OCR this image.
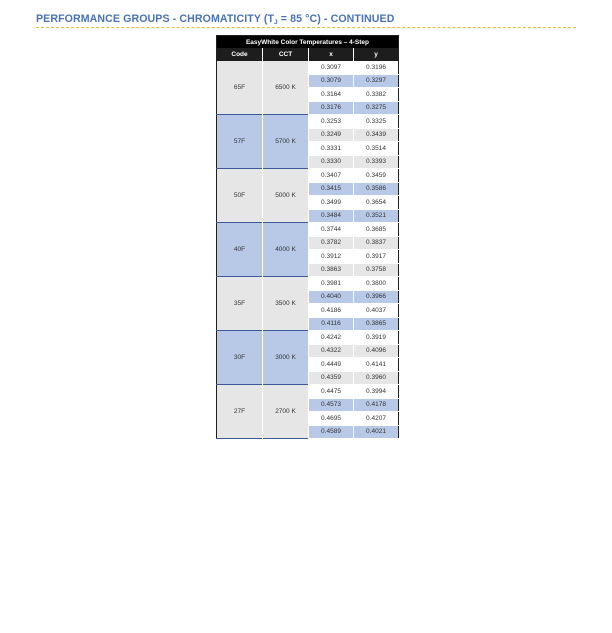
PERFORMANCE GROUPS - CHROMATICITY ($T_J = 85$ °C) - CONTINUED
EasyWhite Color Temperatures – 4-Step			
Code	CCT	x	y
65F	6500 K	0.3097	0.3196
		0.3079	0.3297
		0.3164	0.3382
		0.3176	0.3275
57F	5700 K	0.3253	0.3325
		0.3249	0.3439
		0.3331	0.3514
		0.3330	0.3393
50F	5000 K	0.3407	0.3459
		0.3415	0.3586
		0.3499	0.3654
		0.3484	0.3521
40F	4000 K	0.3744	0.3685
		0.3782	0.3837
		0.3912	0.3917
		0.3863	0.3758
35F	3500 K	0.3981	0.3800
		0.4040	0.3966
		0.4186	0.4037
		0.4116	0.3865
30F	3000 K	0.4242	0.3919
		0.4322	0.4096
		0.4449	0.4141
		0.4359	0.3960
27F	2700 K	0.4475	0.3994
		0.4573	0.4178
		0.4695	0.4207
		0.4589	0.4021
